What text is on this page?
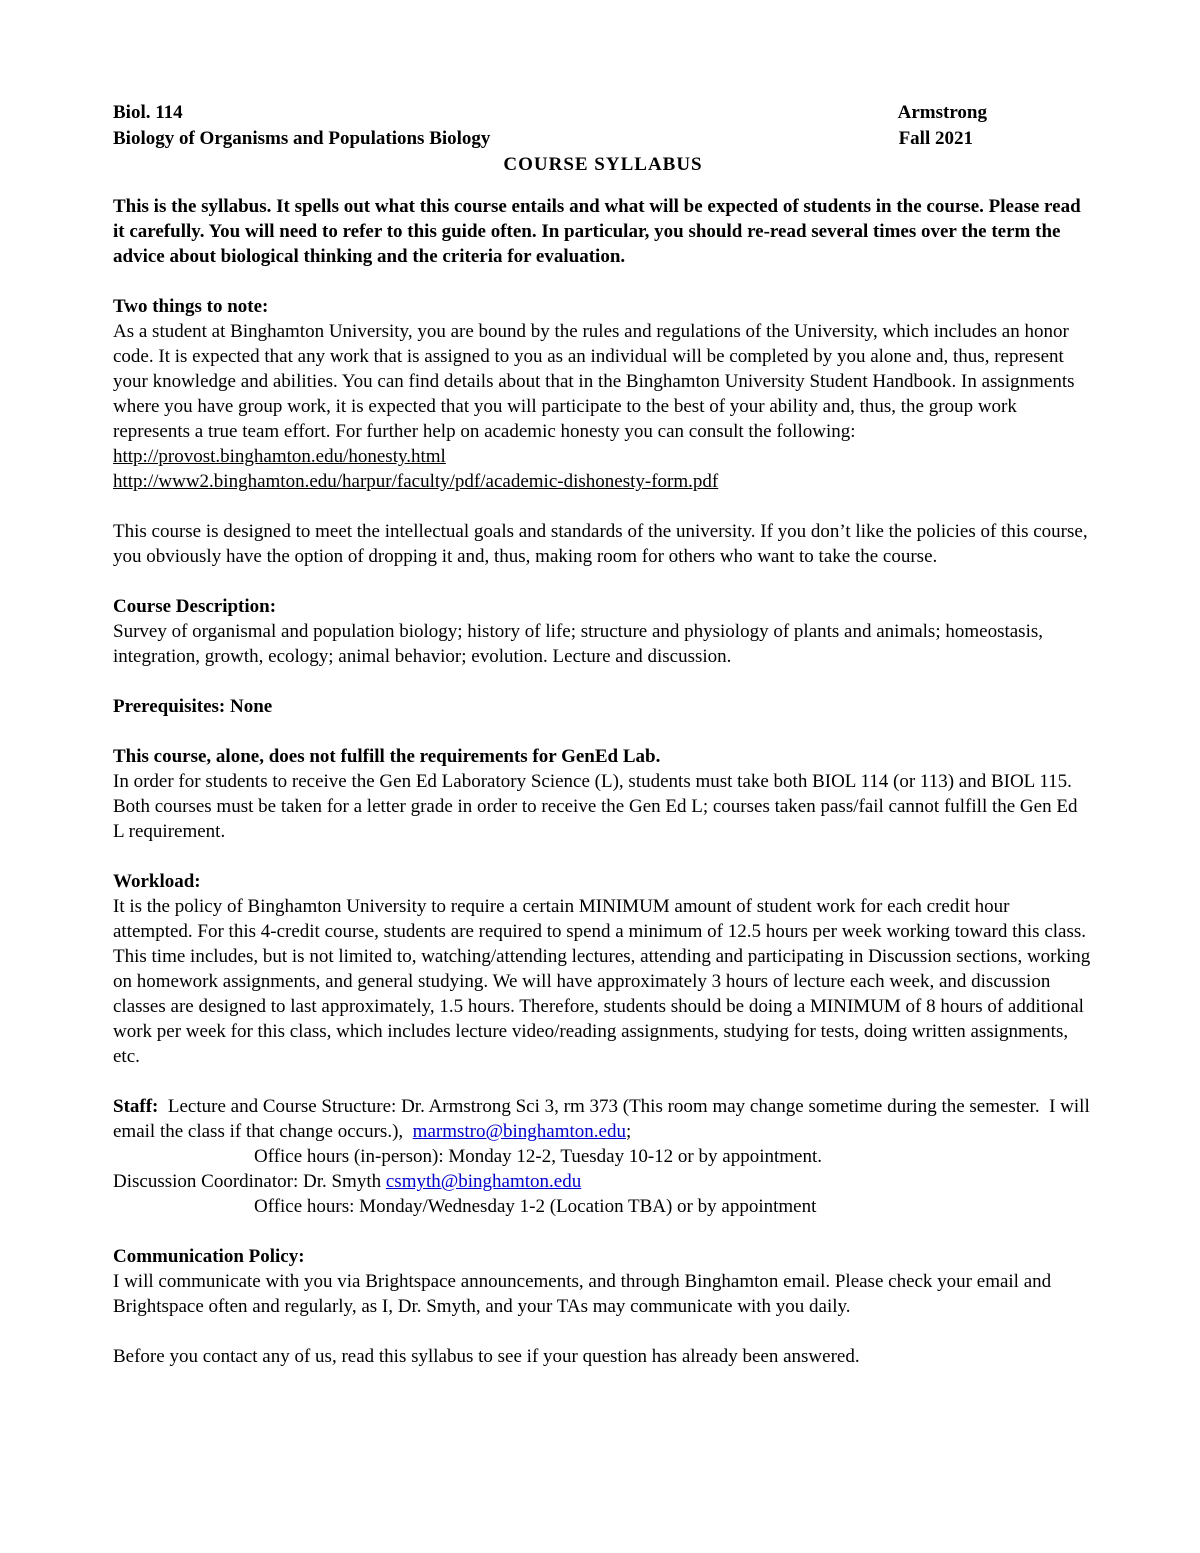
Biol. 114	Armstrong
Biology of Organisms and Populations Biology	Fall 2021
COURSE SYLLABUS

This is the syllabus. It spells out what this course entails and what will be expected of students in the course. Please read it carefully. You will need to refer to this guide often. In particular, you should re-read several times over the term the advice about biological thinking and the criteria for evaluation.

Two things to note:

As a student at Binghamton University, you are bound by the rules and regulations of the University, which includes an honor code. It is expected that any work that is assigned to you as an individual will be completed by you alone and, thus, represent your knowledge and abilities. You can find details about that in the Binghamton University Student Handbook. In assignments where you have group work, it is expected that you will participate to the best of your ability and, thus, the group work represents a true team effort. For further help on academic honesty you can consult the following:

http://provost.binghamton.edu/honesty.html

http://www2.binghamton.edu/harpur/faculty/pdf/academic-dishonesty-form.pdf

This course is designed to meet the intellectual goals and standards of the university. If you don’t like the policies of this course, you obviously have the option of dropping it and, thus, making room for others who want to take the course.

Course Description:

Survey of organismal and population biology; history of life; structure and physiology of plants and animals; homeostasis, integration, growth, ecology; animal behavior; evolution. Lecture and discussion.

Prerequisites: None

This course, alone, does not fulfill the requirements for GenEd Lab.

In order for students to receive the Gen Ed Laboratory Science (L), students must take both BIOL 114 (or 113) and BIOL 115. Both courses must be taken for a letter grade in order to receive the Gen Ed L; courses taken pass/fail cannot fulfill the Gen Ed L requirement.

Workload:

It is the policy of Binghamton University to require a certain MINIMUM amount of student work for each credit hour attempted. For this 4-credit course, students are required to spend a minimum of 12.5 hours per week working toward this class. This time includes, but is not limited to, watching/attending lectures, attending and participating in Discussion sections, working on homework assignments, and general studying. We will have approximately 3 hours of lecture each week, and discussion classes are designed to last approximately, 1.5 hours. Therefore, students should be doing a MINIMUM of 8 hours of additional work per week for this class, which includes lecture video/reading assignments, studying for tests, doing written assignments, etc.

Staff:  Lecture and Course Structure: Dr. Armstrong Sci 3, rm 373 (This room may change sometime during the semester.  I will email the class if that change occurs.),  marmstro@binghamton.edu;

Office hours (in-person): Monday 12-2, Tuesday 10-12 or by appointment.

Discussion Coordinator: Dr. Smyth csmyth@binghamton.edu

Office hours: Monday/Wednesday 1-2 (Location TBA) or by appointment

Communication Policy:

I will communicate with you via Brightspace announcements, and through Binghamton email. Please check your email and Brightspace often and regularly, as I, Dr. Smyth, and your TAs may communicate with you daily.

Before you contact any of us, read this syllabus to see if your question has already been answered.
